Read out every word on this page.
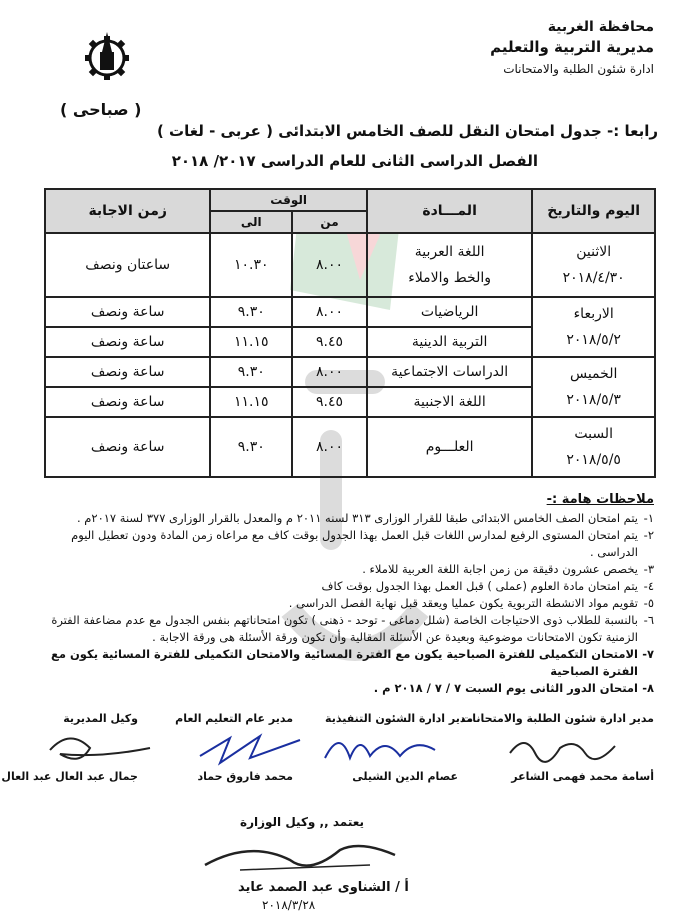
محافظة الغربية
مديرية التربية والتعليم
ادارة شئون الطلبة والامتحانات
( صباحى )
رابعا :- جدول امتحان النقل للصف الخامس الابتدائى ( عربى - لغات )
الفصل الدراسى الثانى للعام الدراسى ٢٠١٧/ ٢٠١٨
اليوم والتاريخ	المـــادة	الوقت		زمن الاجابة
		من	الى	
الاثنين
٢٠١٨/٤/٣٠	اللغة العربية
والخط والاملاء	٨.٠٠	١٠.٣٠	ساعتان ونصف
الاربعاء
٢٠١٨/٥/٢	الرياضيات	٨.٠٠	٩.٣٠	ساعة ونصف
	التربية الدينية	٩.٤٥	١١.١٥	ساعة ونصف
الخميس
٢٠١٨/٥/٣	الدراسات الاجتماعية	٨.٠٠	٩.٣٠	ساعة ونصف
	اللغة الاجنبية	٩.٤٥	١١.١٥	ساعة ونصف
السبت
٢٠١٨/٥/٥	العلـــوم	٨.٠٠	٩.٣٠	ساعة ونصف
ملاحظات هامة :-
١-
يتم امتحان الصف الخامس الابتدائى طبقا للقرار الوزارى ٣١٣ لسنه ٢٠١١ م والمعدل بالقرار الوزارى ٣٧٧ لسنة ٢٠١٧م .
٢-
يتم امتحان المستوى الرفيع لمدارس اللغات قبل العمل بهذا الجدول بوقت كاف مع مراعاه زمن المادة ودون تعطيل اليوم الدراسى .
٣-
يخصص عشرون دقيقة من زمن اجابة اللغة العربية للاملاء .
٤-
يتم امتحان مادة العلوم (عملى ) قبل العمل بهذا الجدول بوقت كاف
٥-
تقويم مواد الانشطة التربوية يكون عمليا ويعقد قبل نهاية الفصل الدراسى .
٦-
بالنسبة للطلاب ذوى الاحتياجات الخاصة (شلل دماغى - توحد - ذهنى ) تكون امتحاناتهم بنفس الجدول مع عدم مضاعفة الفترة الزمنية تكون الامتحانات موضوعية وبعيدة عن الأسئلة المقالية وأن تكون ورقة الأسئلة هى ورقة الاجابة .
٧-
الامتحان التكميلى للفترة الصباحية يكون مع الفترة المسائية والامتحان التكميلى للفترة المسائية يكون مع الفترة الصباحية
٨-
امتحان الدور الثانى يوم السبت ٧ / ٧ / ٢٠١٨ م .
مدير ادارة شئون الطلبة والامتحانات
مدير ادارة الشئون التنفيذية
مدير عام التعليم العام
وكيل المديرية
أسامة محمد فهمى الشاعر
عصام الدين الشيلى
محمد فاروق حماد
جمال عبد العال عبد العال
يعتمد ,, وكيل الوزارة
أ / الشناوى عبد الصمد عايد
٢٠١٨/٣/٢٨
